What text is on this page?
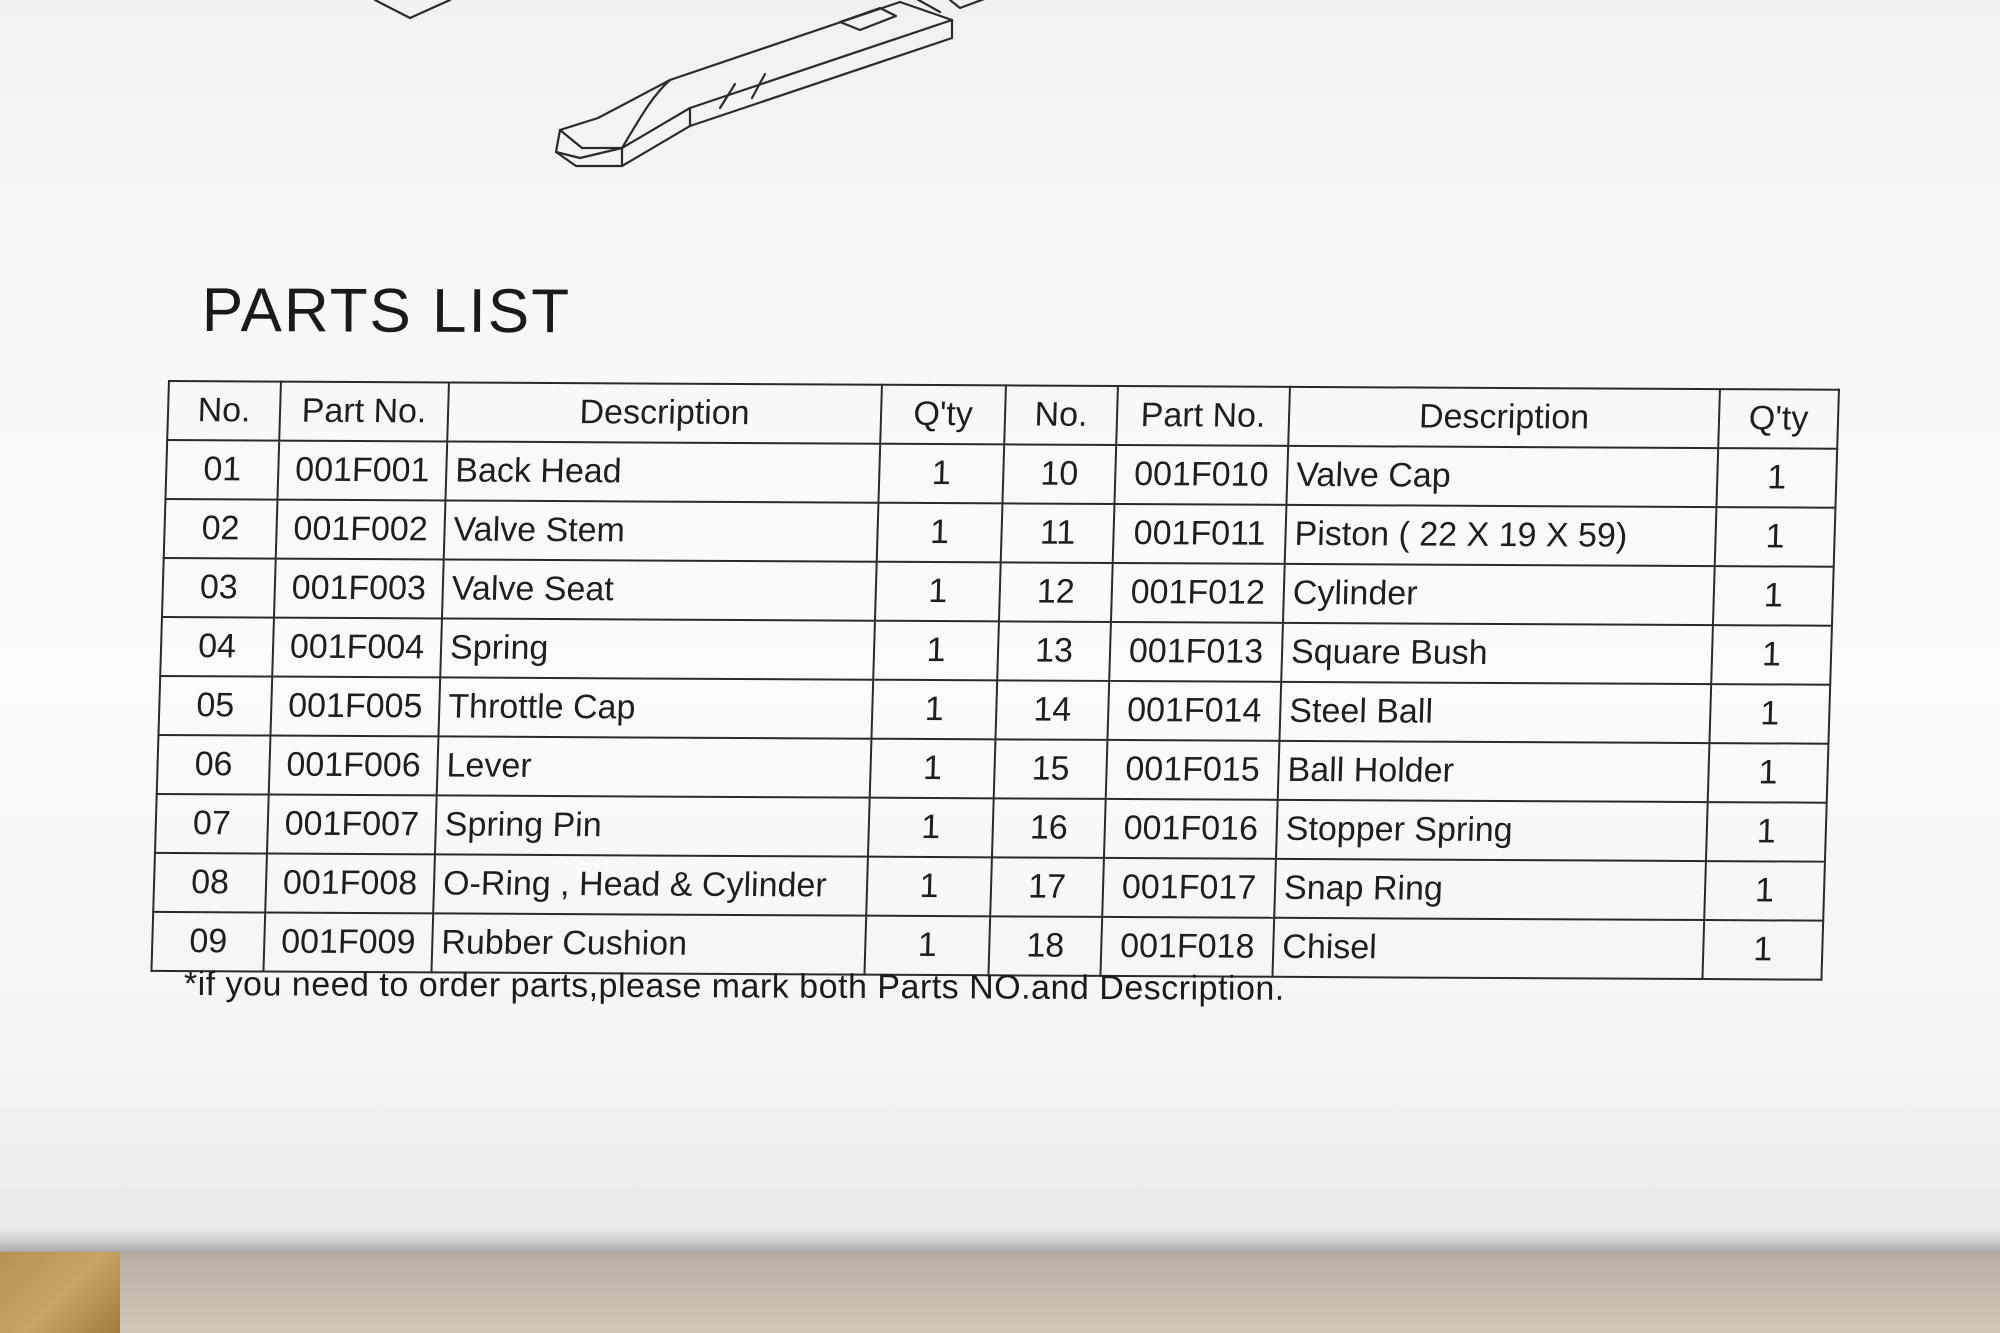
PARTS LIST
No.	Part No.	Description	Q'ty	No.	Part No.	Description	Q'ty
01	001F001	Back Head	1	10	001F010	Valve Cap	1
02	001F002	Valve Stem	1	11	001F011	Piston ( 22 X 19 X 59)	1
03	001F003	Valve Seat	1	12	001F012	Cylinder	1
04	001F004	Spring	1	13	001F013	Square Bush	1
05	001F005	Throttle Cap	1	14	001F014	Steel Ball	1
06	001F006	Lever	1	15	001F015	Ball Holder	1
07	001F007	Spring Pin	1	16	001F016	Stopper Spring	1
08	001F008	O-Ring , Head & Cylinder	1	17	001F017	Snap Ring	1
09	001F009	Rubber Cushion	1	18	001F018	Chisel	1

*if you need to order parts,please mark both Parts NO.and Description.
